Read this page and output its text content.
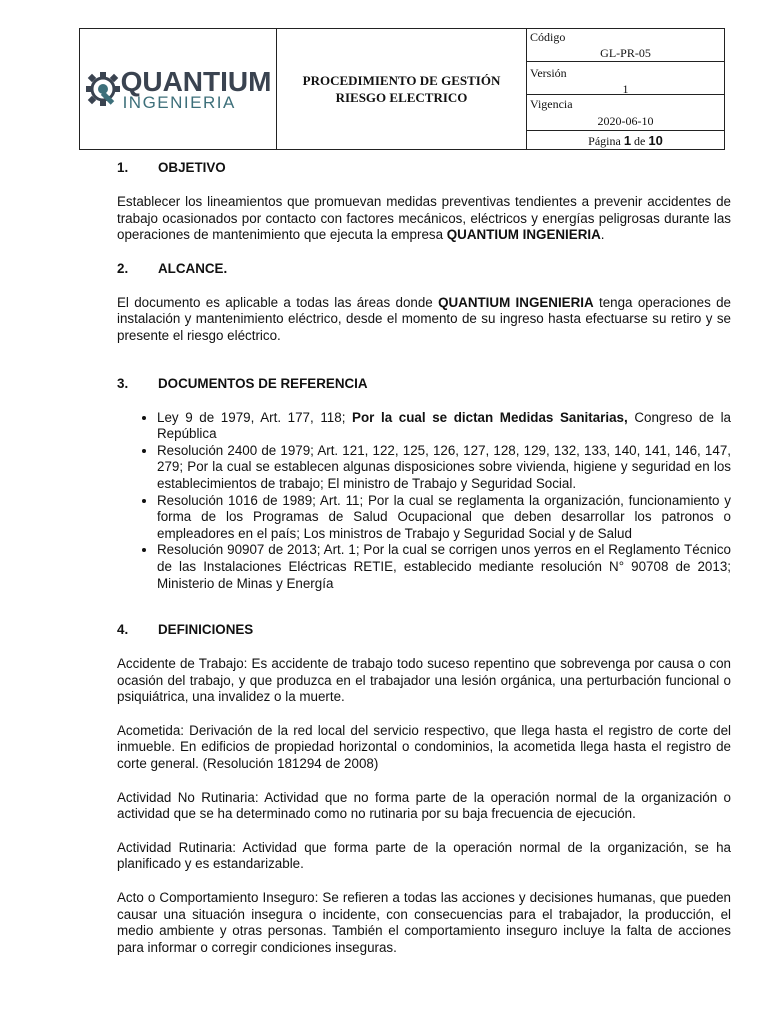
QUANTIUM
INGENIERIA
PROCEDIMIENTO DE GESTIÓN
RIESGO ELECTRICO
Código
GL-PR-05
Versión
1
Vigencia
2020-06-10
Página 1 de 10
1. OBJETIVO

Establecer los lineamientos que promuevan medidas preventivas tendientes a prevenir accidentes de trabajo ocasionados por contacto con factores mecánicos, eléctricos y energías peligrosas durante las operaciones de mantenimiento que ejecuta la empresa QUANTIUM INGENIERIA.

2. ALCANCE.

El documento es aplicable a todas las áreas donde QUANTIUM INGENIERIA tenga operaciones de instalación y mantenimiento eléctrico, desde el momento de su ingreso hasta efectuarse su retiro y se presente el riesgo eléctrico.

3. DOCUMENTOS DE REFERENCIA
• Ley 9 de 1979, Art. 177, 118; Por la cual se dictan Medidas Sanitarias, Congreso de la República
• Resolución 2400 de 1979; Art. 121, 122, 125, 126, 127, 128, 129, 132, 133, 140, 141, 146, 147, 279; Por la cual se establecen algunas disposiciones sobre vivienda, higiene y seguridad en los establecimientos de trabajo; El ministro de Trabajo y Seguridad Social.
• Resolución 1016 de 1989; Art. 11; Por la cual se reglamenta la organización, funcionamiento y forma de los Programas de Salud Ocupacional que deben desarrollar los patronos o empleadores en el país; Los ministros de Trabajo y Seguridad Social y de Salud
• Resolución 90907 de 2013; Art. 1; Por la cual se corrigen unos yerros en el Reglamento Técnico de las Instalaciones Eléctricas RETIE, establecido mediante resolución N° 90708 de 2013; Ministerio de Minas y Energía
4. DEFINICIONES

Accidente de Trabajo: Es accidente de trabajo todo suceso repentino que sobrevenga por causa o con ocasión del trabajo, y que produzca en el trabajador una lesión orgánica, una perturbación funcional o psiquiátrica, una invalidez o la muerte.

Acometida: Derivación de la red local del servicio respectivo, que llega hasta el registro de corte del inmueble. En edificios de propiedad horizontal o condominios, la acometida llega hasta el registro de corte general. (Resolución 181294 de 2008)

Actividad No Rutinaria: Actividad que no forma parte de la operación normal de la organización o actividad que se ha determinado como no rutinaria por su baja frecuencia de ejecución.

Actividad Rutinaria: Actividad que forma parte de la operación normal de la organización, se ha planificado y es estandarizable.

Acto o Comportamiento Inseguro: Se refieren a todas las acciones y decisiones humanas, que pueden causar una situación insegura o incidente, con consecuencias para el trabajador, la producción, el medio ambiente y otras personas. También el comportamiento inseguro incluye la falta de acciones para informar o corregir condiciones inseguras.
